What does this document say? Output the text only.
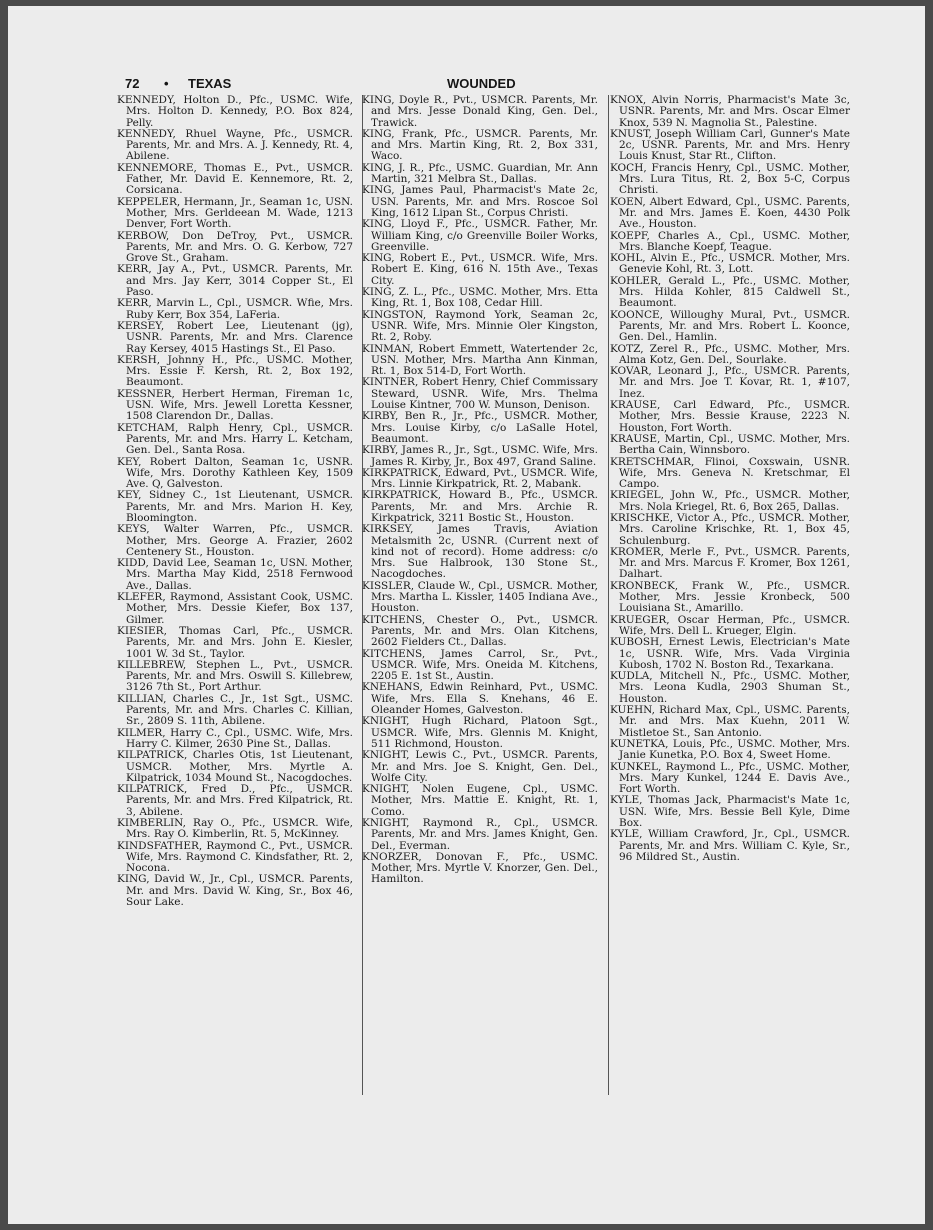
72 • TEXAS	WOUNDED

KENNEDY, Holton D., Pfc., USMC. Wife, Mrs. Holton D. Kennedy, P.O. Box 824, Pelly.

KENNEDY, Rhuel Wayne, Pfc., USMCR. Parents, Mr. and Mrs. A. J. Kennedy, Rt. 4, Abilene.

KENNEMORE, Thomas E., Pvt., USMCR. Father, Mr. David E. Kennemore, Rt. 2, Corsicana.

KEPPELER, Hermann, Jr., Seaman 1c, USN. Mother, Mrs. Gerldeean M. Wade, 1213 Denver, Fort Worth.

KERBOW, Don DeTroy, Pvt., USMCR. Parents, Mr. and Mrs. O. G. Kerbow, 727 Grove St., Graham.

KERR, Jay A., Pvt., USMCR. Parents, Mr. and Mrs. Jay Kerr, 3014 Copper St., El Paso.

KERR, Marvin L., Cpl., USMCR. Wfie, Mrs. Ruby Kerr, Box 354, LaFeria.

KERSEY, Robert Lee, Lieutenant (jg), USNR. Parents, Mr. and Mrs. Clarence Ray Kersey, 4015 Hastings St., El Paso.

KERSH, Johnny H., Pfc., USMC. Mother, Mrs. Essie F. Kersh, Rt. 2, Box 192, Beaumont.

KESSNER, Herbert Herman, Fireman 1c, USN. Wife, Mrs. Jewell Loretta Kessner, 1508 Clarendon Dr., Dallas.

KETCHAM, Ralph Henry, Cpl., USMCR. Parents, Mr. and Mrs. Harry L. Ketcham, Gen. Del., Santa Rosa.

KEY, Robert Dalton, Seaman 1c, USNR. Wife, Mrs. Dorothy Kathleen Key, 1509 Ave. Q, Galveston.

KEY, Sidney C., 1st Lieutenant, USMCR. Parents, Mr. and Mrs. Marion H. Key, Bloomington.

KEYS, Walter Warren, Pfc., USMCR. Mother, Mrs. George A. Frazier, 2602 Centenery St., Houston.

KIDD, David Lee, Seaman 1c, USN. Mother, Mrs. Martha May Kidd, 2518 Fernwood Ave., Dallas.

KLEFER, Raymond, Assistant Cook, USMC. Mother, Mrs. Dessie Kiefer, Box 137, Gilmer.

KIESIER, Thomas Carl, Pfc., USMCR. Parents, Mr. and Mrs. John E. Kiesler, 1001 W. 3d St., Taylor.

KILLEBREW, Stephen L., Pvt., USMCR. Parents, Mr. and Mrs. Oswill S. Killebrew, 3126 7th St., Port Arthur.

KILLIAN, Charles C., Jr., 1st Sgt., USMC. Parents, Mr. and Mrs. Charles C. Killian, Sr., 2809 S. 11th, Abilene.

KILMER, Harry C., Cpl., USMC. Wife, Mrs. Harry C. Kilmer, 2630 Pine St., Dallas.

KILPATRICK, Charles Otis, 1st Lieutenant, USMCR. Mother, Mrs. Myrtle A. Kilpatrick, 1034 Mound St., Nacogdoches.

KILPATRICK, Fred D., Pfc., USMCR. Parents, Mr. and Mrs. Fred Kilpatrick, Rt. 3, Abilene.

KIMBERLIN, Ray O., Pfc., USMCR. Wife, Mrs. Ray O. Kimberlin, Rt. 5, McKinney.

KINDSFATHER, Raymond C., Pvt., USMCR. Wife, Mrs. Raymond C. Kindsfather, Rt. 2, Nocona.

KING, David W., Jr., Cpl., USMCR. Parents, Mr. and Mrs. David W. King, Sr., Box 46, Sour Lake.

KING, Doyle R., Pvt., USMCR. Parents, Mr. and Mrs. Jesse Donald King, Gen. Del., Trawick.

KING, Frank, Pfc., USMCR. Parents, Mr. and Mrs. Martin King, Rt. 2, Box 331, Waco.

KING, J. R., Pfc., USMC. Guardian, Mr. Ann Martin, 321 Melbra St., Dallas.

KING, James Paul, Pharmacist's Mate 2c, USN. Parents, Mr. and Mrs. Roscoe Sol King, 1612 Lipan St., Corpus Christi.

KING, Lloyd F., Pfc., USMCR. Father, Mr. William King, c/o Greenville Boiler Works, Greenville.

KING, Robert E., Pvt., USMCR. Wife, Mrs. Robert E. King, 616 N. 15th Ave., Texas City.

KING, Z. L., Pfc., USMC. Mother, Mrs. Etta King, Rt. 1, Box 108, Cedar Hill.

KINGSTON, Raymond York, Seaman 2c, USNR. Wife, Mrs. Minnie Oler Kingston, Rt. 2, Roby.

KINMAN, Robert Emmett, Watertender 2c, USN. Mother, Mrs. Martha Ann Kinman, Rt. 1, Box 514-D, Fort Worth.

KINTNER, Robert Henry, Chief Commissary Steward, USNR. Wife, Mrs. Thelma Louise Kintner, 700 W. Munson, Denison.

KIRBY, Ben R., Jr., Pfc., USMCR. Mother, Mrs. Louise Kirby, c/o LaSalle Hotel, Beaumont.

KIRBY, James R., Jr., Sgt., USMC. Wife, Mrs. James R. Kirby, Jr., Box 497, Grand Saline.

KIRKPATRICK, Edward, Pvt., USMCR. Wife, Mrs. Linnie Kirkpatrick, Rt. 2, Mabank.

KIRKPATRICK, Howard B., Pfc., USMCR. Parents, Mr. and Mrs. Archie R. Kirkpatrick, 3211 Bostic St., Houston.

KIRKSEY, James Travis, Aviation Metalsmith 2c, USNR. (Current next of kind not of record). Home address: c/o Mrs. Sue Halbrook, 130 Stone St., Nacogdoches.

KISSLER, Claude W., Cpl., USMCR. Mother, Mrs. Martha L. Kissler, 1405 Indiana Ave., Houston.

KITCHENS, Chester O., Pvt., USMCR. Parents, Mr. and Mrs. Olan Kitchens, 2602 Fielders Ct., Dallas.

KITCHENS, James Carrol, Sr., Pvt., USMCR. Wife, Mrs. Oneida M. Kitchens, 2205 E. 1st St., Austin.

KNEHANS, Edwin Reinhard, Pvt., USMC. Wife, Mrs. Ella S. Knehans, 46 E. Oleander Homes, Galveston.

KNIGHT, Hugh Richard, Platoon Sgt., USMCR. Wife, Mrs. Glennis M. Knight, 511 Richmond, Houston.

KNIGHT, Lewis C., Pvt., USMCR. Parents, Mr. and Mrs. Joe S. Knight, Gen. Del., Wolfe City.

KNIGHT, Nolen Eugene, Cpl., USMC. Mother, Mrs. Mattie E. Knight, Rt. 1, Como.

KNIGHT, Raymond R., Cpl., USMCR. Parents, Mr. and Mrs. James Knight, Gen. Del., Everman.

KNORZER, Donovan F., Pfc., USMC. Mother, Mrs. Myrtle V. Knorzer, Gen. Del., Hamilton.

KNOX, Alvin Norris, Pharmacist's Mate 3c, USNR. Parents, Mr. and Mrs. Oscar Elmer Knox, 539 N. Magnolia St., Palestine.

KNUST, Joseph William Carl, Gunner's Mate 2c, USNR. Parents, Mr. and Mrs. Henry Louis Knust, Star Rt., Clifton.

KOCH, Francis Henry, Cpl., USMC. Mother, Mrs. Lura Titus, Rt. 2, Box 5-C, Corpus Christi.

KOEN, Albert Edward, Cpl., USMC. Parents, Mr. and Mrs. James E. Koen, 4430 Polk Ave., Houston.

KOEPF, Charles A., Cpl., USMC. Mother, Mrs. Blanche Koepf, Teague.

KOHL, Alvin E., Pfc., USMCR. Mother, Mrs. Genevie Kohl, Rt. 3, Lott.

KOHLER, Gerald L., Pfc., USMC. Mother, Mrs. Hilda Kohler, 815 Caldwell St., Beaumont.

KOONCE, Willoughy Mural, Pvt., USMCR. Parents, Mr. and Mrs. Robert L. Koonce, Gen. Del., Hamlin.

KOTZ, Zerel R., Pfc., USMC. Mother, Mrs. Alma Kotz, Gen. Del., Sourlake.

KOVAR, Leonard J., Pfc., USMCR. Parents, Mr. and Mrs. Joe T. Kovar, Rt. 1, #107, Inez.

KRAUSE, Carl Edward, Pfc., USMCR. Mother, Mrs. Bessie Krause, 2223 N. Houston, Fort Worth.

KRAUSE, Martin, Cpl., USMC. Mother, Mrs. Bertha Cain, Winnsboro.

KRETSCHMAR, Flinoi, Coxswain, USNR. Wife, Mrs. Geneva N. Kretschmar, El Campo.

KRIEGEL, John W., Pfc., USMCR. Mother, Mrs. Nola Kriegel, Rt. 6, Box 265, Dallas.

KRISCHKE, Victor A., Pfc., USMCR. Mother, Mrs. Caroline Krischke, Rt. 1, Box 45, Schulenburg.

KROMER, Merle F., Pvt., USMCR. Parents, Mr. and Mrs. Marcus F. Kromer, Box 1261, Dalhart.

KRONBECK, Frank W., Pfc., USMCR. Mother, Mrs. Jessie Kronbeck, 500 Louisiana St., Amarillo.

KRUEGER, Oscar Herman, Pfc., USMCR. Wife, Mrs. Dell L. Krueger, Elgin.

KUBOSH, Ernest Lewis, Electrician's Mate 1c, USNR. Wife, Mrs. Vada Virginia Kubosh, 1702 N. Boston Rd., Texarkana.

KUDLA, Mitchell N., Pfc., USMC. Mother, Mrs. Leona Kudla, 2903 Shuman St., Houston.

KUEHN, Richard Max, Cpl., USMC. Parents, Mr. and Mrs. Max Kuehn, 2011 W. Mistletoe St., San Antonio.

KUNETKA, Louis, Pfc., USMC. Mother, Mrs. Janie Kunetka, P.O. Box 4, Sweet Home.

KUNKEL, Raymond L., Pfc., USMC. Mother, Mrs. Mary Kunkel, 1244 E. Davis Ave., Fort Worth.

KYLE, Thomas Jack, Pharmacist's Mate 1c, USN. Wife, Mrs. Bessie Bell Kyle, Dime Box.

KYLE, William Crawford, Jr., Cpl., USMCR. Parents, Mr. and Mrs. William C. Kyle, Sr., 96 Mildred St., Austin.
